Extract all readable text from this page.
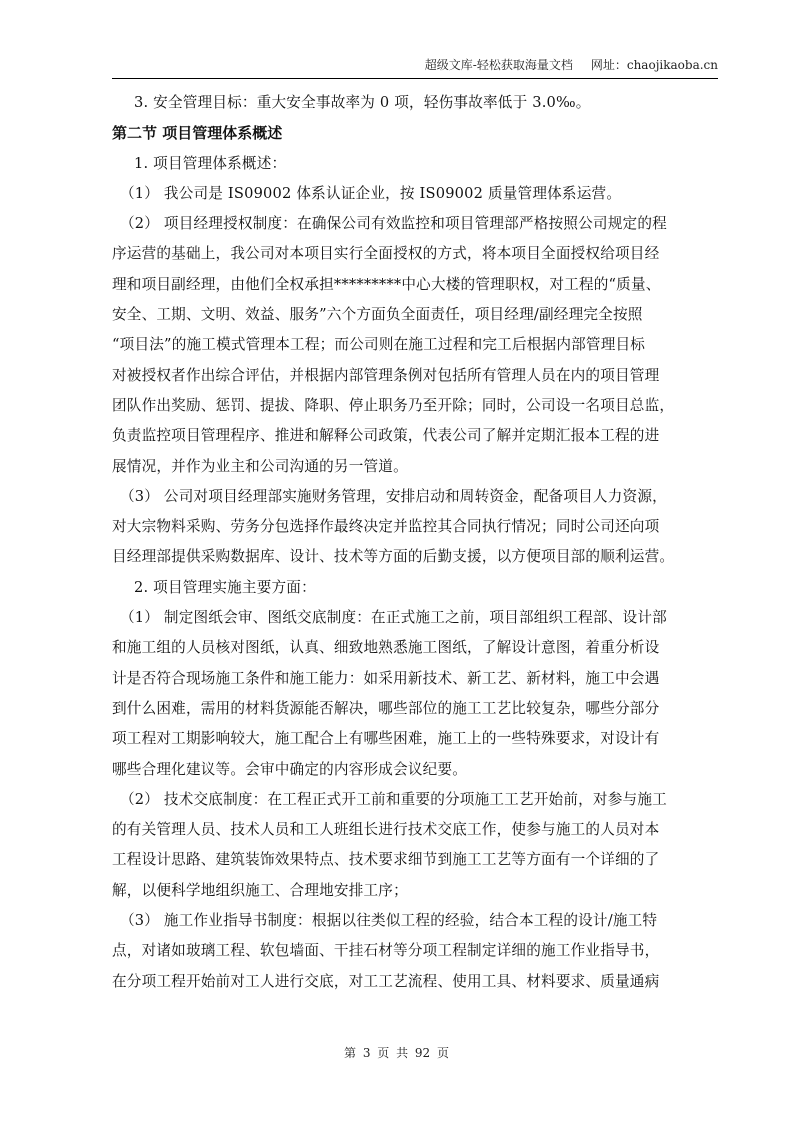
超级文库-轻松获取海量文档 网址：chaojikaoba.cn
3. 安全管理目标：重大安全事故率为 0 项，轻伤事故率低于 3.0‰。
第二节 项目管理体系概述
1. 项目管理体系概述：
（1） 我公司是 IS09002 体系认证企业，按 IS09002 质量管理体系运营。
（2） 项目经理授权制度：在确保公司有效监控和项目管理部严格按照公司规定的程
序运营的基础上，我公司对本项目实行全面授权的方式，将本项目全面授权给项目经
理和项目副经理，由他们全权承担*********中心大楼的管理职权，对工程的“质量、
安全、工期、文明、效益、服务”六个方面负全面责任，项目经理/副经理完全按照
“项目法”的施工模式管理本工程；而公司则在施工过程和完工后根据内部管理目标
对被授权者作出综合评估，并根据内部管理条例对包括所有管理人员在内的项目管理
团队作出奖励、惩罚、提拔、降职、停止职务乃至开除；同时，公司设一名项目总监，
负责监控项目管理程序、推进和解释公司政策，代表公司了解并定期汇报本工程的进
展情况，并作为业主和公司沟通的另一管道。
（3） 公司对项目经理部实施财务管理，安排启动和周转资金，配备项目人力资源，
对大宗物料采购、劳务分包选择作最终决定并监控其合同执行情况；同时公司还向项
目经理部提供采购数据库、设计、技术等方面的后勤支援，以方便项目部的顺利运营。
2. 项目管理实施主要方面：
（1） 制定图纸会审、图纸交底制度：在正式施工之前，项目部组织工程部、设计部
和施工组的人员核对图纸，认真、细致地熟悉施工图纸，了解设计意图，着重分析设
计是否符合现场施工条件和施工能力：如采用新技术、新工艺、新材料，施工中会遇
到什么困难，需用的材料货源能否解决，哪些部位的施工工艺比较复杂，哪些分部分
项工程对工期影响较大，施工配合上有哪些困难，施工上的一些特殊要求，对设计有
哪些合理化建议等。会审中确定的内容形成会议纪要。
（2） 技术交底制度：在工程正式开工前和重要的分项施工工艺开始前，对参与施工
的有关管理人员、技术人员和工人班组长进行技术交底工作，使参与施工的人员对本
工程设计思路、建筑装饰效果特点、技术要求细节到施工工艺等方面有一个详细的了
解，以便科学地组织施工、合理地安排工序；
（3） 施工作业指导书制度：根据以往类似工程的经验，结合本工程的设计/施工特
点，对诸如玻璃工程、软包墙面、干挂石材等分项工程制定详细的施工作业指导书，
在分项工程开始前对工人进行交底，对工工艺流程、使用工具、材料要求、质量通病
第 3 页 共 92 页
